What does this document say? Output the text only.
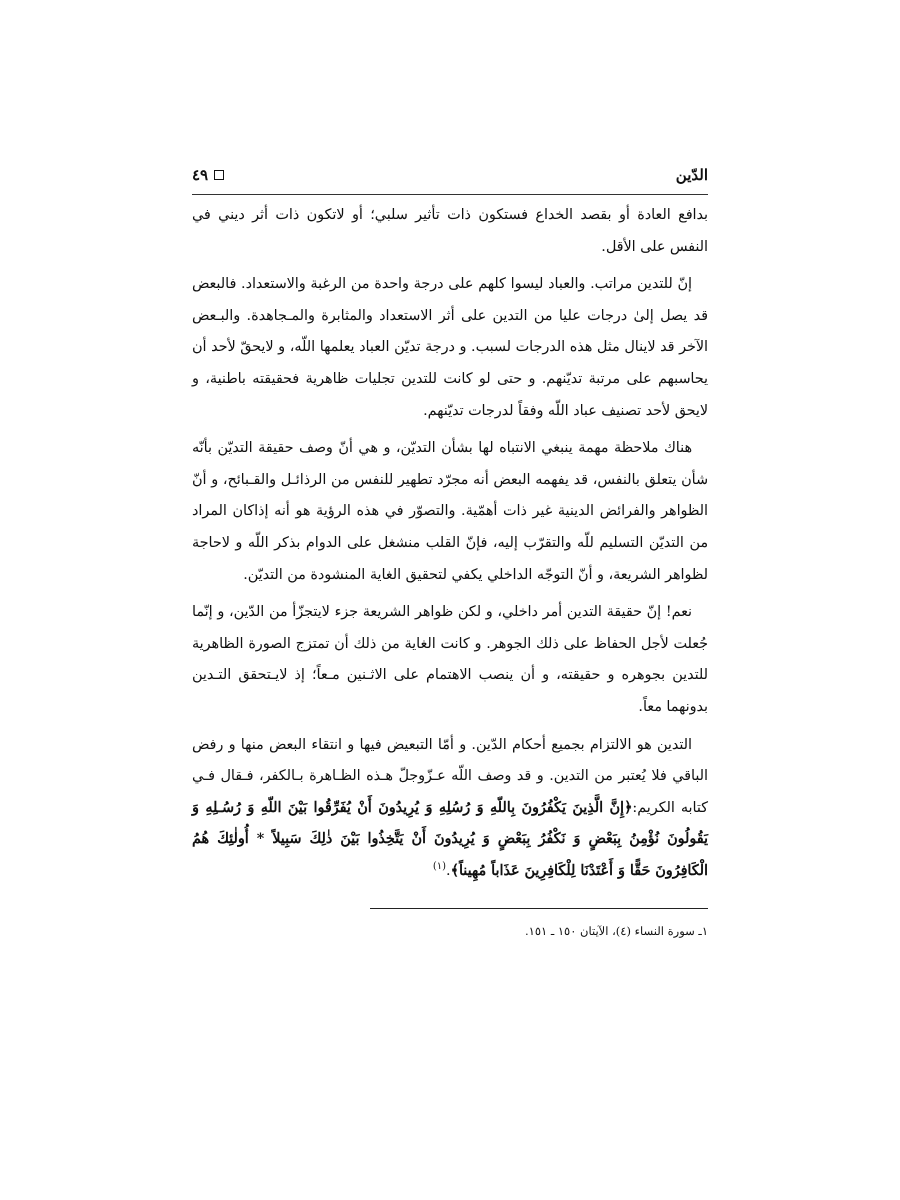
الدّين
٤٩

بدافع العادة أو بقصد الخداع فستكون ذات تأثير سلبي؛ أو لاتكون ذات أثر ديني في النفس على الأقل.

إنّ للتدين مراتب. والعباد ليسوا كلهم على درجة واحدة من الرغبة والاستعداد. فالبعض قد يصل إلىٰ درجات عليا من التدين على أثر الاستعداد والمثابرة والمـجاهدة. والبـعض الآخر قد لاينال مثل هذه الدرجات لسبب. و درجة تديّن العباد يعلمها اللّه، و لايحقّ لأحد أن يحاسبهم على مرتبة تديّنهم. و حتى لو كانت للتدين تجليات ظاهرية فحقيقته باطنية، و لايحق لأحد تصنيف عباد اللّه وفقاً لدرجات تديّنهم.

هناك ملاحظة مهمة ينبغي الانتباه لها بشأن التديّن، و هي أنّ وصف حقيقة التديّن بأنّه شأن يتعلق بالنفس، قد يفهمه البعض أنه مجرّد تطهير للنفس من الرذائـل والقـبائح، و أنّ الظواهر والفرائض الدينية غير ذات أهمّية. والتصوّر في هذه الرؤية هو أنه إذاكان المراد من التديّن التسليم للّه والتقرّب إليه، فإنّ القلب منشغل على الدوام بذكر اللّه و لاحاجة لظواهر الشريعة، و أنّ التوجّه الداخلي يكفي لتحقيق الغاية المنشودة من التديّن.

نعم! إنّ حقيقة التدين أمر داخلي، و لكن ظواهر الشريعة جزء لايتجزّأ من الدّين، و إنّما جُعلت لأجل الحفاظ على ذلك الجوهر. و كانت الغاية من ذلك أن تمتزج الصورة الظاهرية للتدين بجوهره و حقيقته، و أن ينصب الاهتمام على الاثـنين مـعاً؛ إذ لايـتحقق التـدين بدونهما معاً.

التدين هو الالتزام بجميع أحكام الدّين. و أمّا التبعيض فيها و انتقاء البعض منها و رفض الباقي فلا يُعتبر من التدين. و قد وصف اللّه عـزّوجلّ هـذه الظـاهرة بـالكفر، فـقال فـي كتابه الكريم:﴿إِنَّ الَّذِينَ يَكْفُرُونَ بِاللّهِ وَ رُسُلِهِ وَ يُرِيدُونَ أَنْ يُفَرِّقُوا بَيْنَ اللّهِ وَ رُسُـلِهِ وَ يَقُولُونَ نُؤْمِنُ بِبَعْضٍ وَ نَكْفُرُ بِبَعْضٍ وَ يُرِيدُونَ أَنْ يَتَّخِذُوا بَيْنَ ذٰلِكَ سَبِيلاً * أُولٰئِكَ هُمُ الْكَافِرُونَ حَقًّا وَ أَعْتَدْنَا لِلْكَافِرِينَ عَذَاباً مُهِيناً﴾.$^{(١)}$

١ـ سورة النساء (٤)، الآيتان ١٥٠ ـ ١٥١.
